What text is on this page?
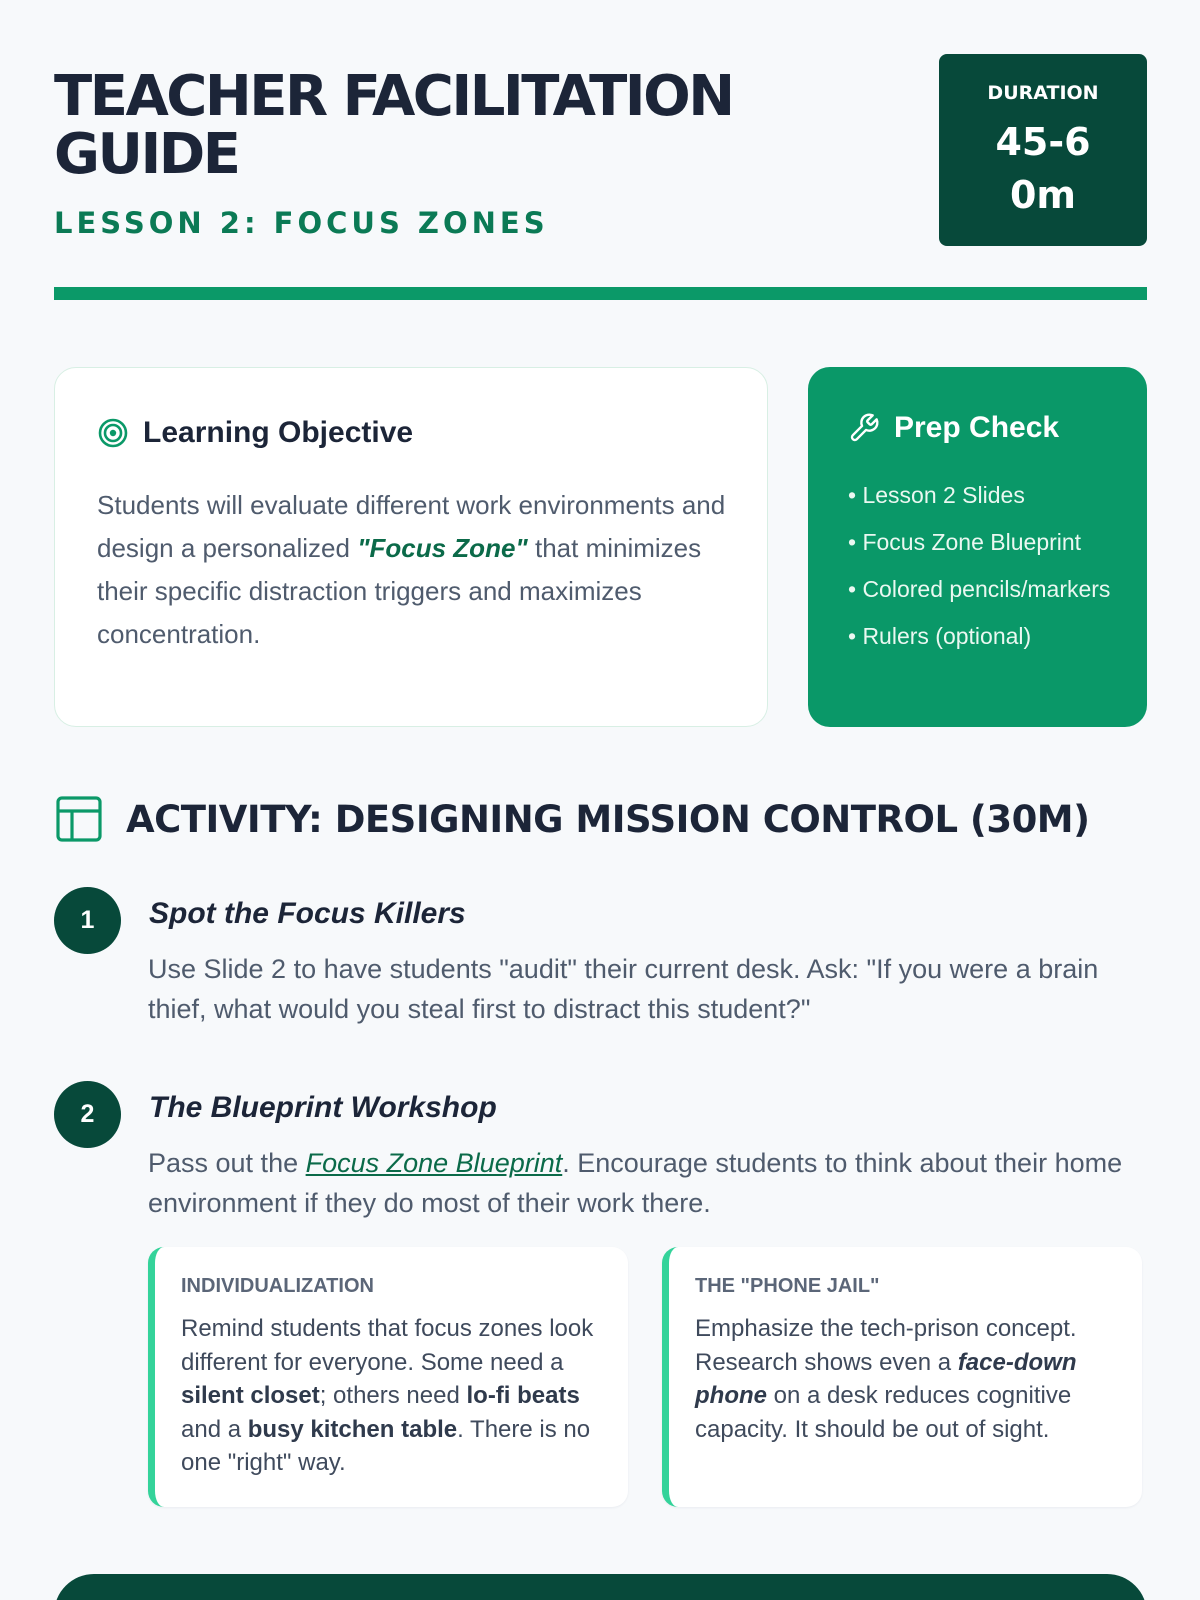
TEACHER FACILITATION GUIDE
LESSON 2: FOCUS ZONES
DURATION
45-60m
Learning Objective

Students will evaluate different work environments and design a personalized "Focus Zone" that minimizes their specific distraction triggers and maximizes concentration.

Prep Check
• Lesson 2 Slides
• Focus Zone Blueprint
• Colored pencils/markers
• Rulers (optional)
ACTIVITY: DESIGNING MISSION CONTROL (30M)
1	Spot the Focus Killers

Use Slide 2 to have students "audit" their current desk. Ask: "If you were a brain thief, what would you steal first to distract this student?"

2	The Blueprint Workshop

Pass out the Focus Zone Blueprint. Encourage students to think about their home environment if they do most of their work there.

INDIVIDUALIZATION

Remind students that focus zones look different for everyone. Some need a silent closet; others need lo-fi beats and a busy kitchen table. There is no one "right" way.

THE "PHONE JAIL"

Emphasize the tech-prison concept. Research shows even a face-down phone on a desk reduces cognitive capacity. It should be out of sight.
